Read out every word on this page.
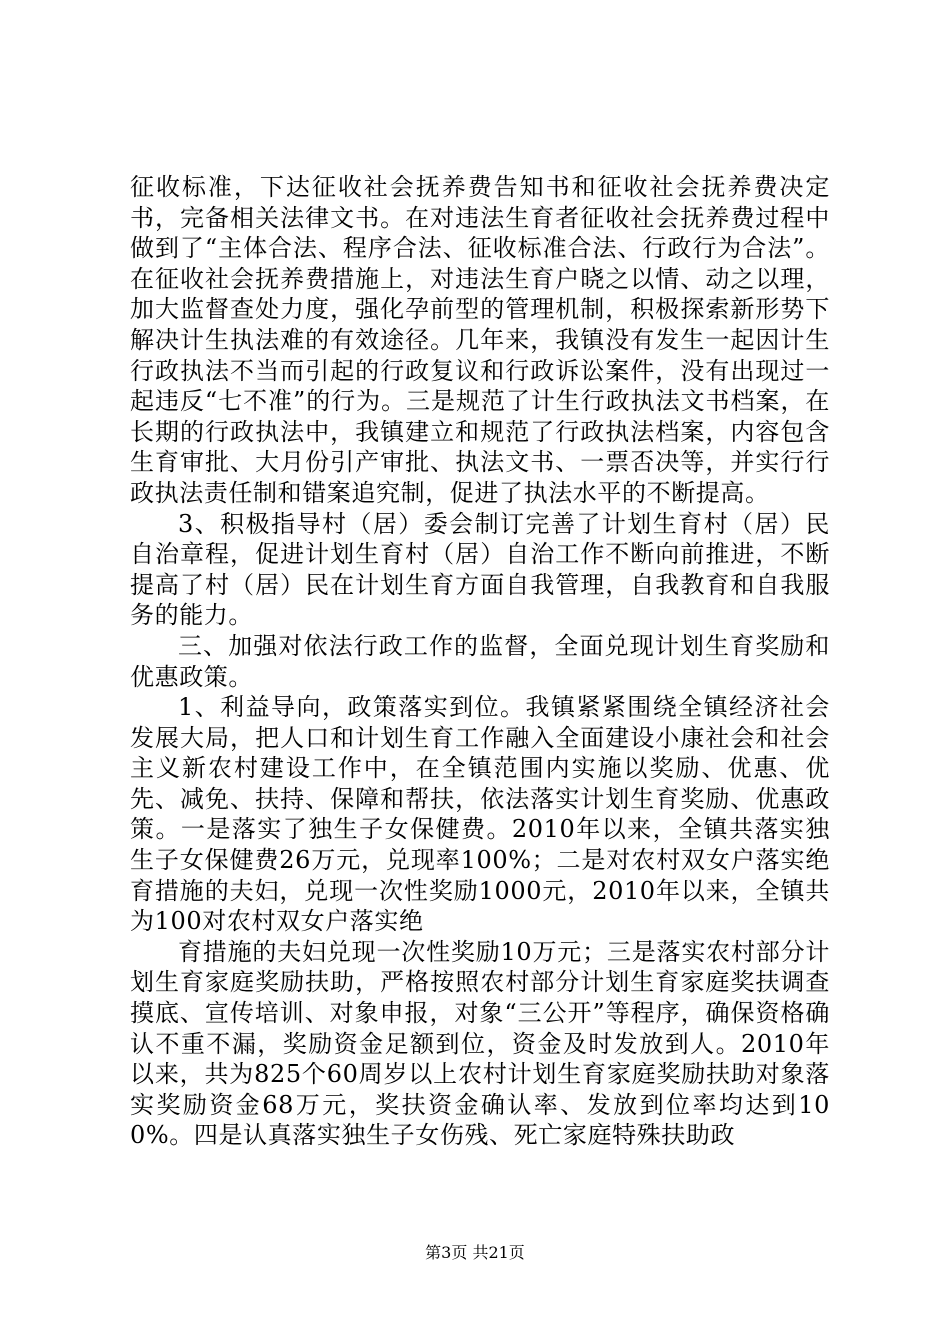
征收标准，下达征收社会抚养费告知书和征收社会抚养费决定书，完备相关法律文书。在对违法生育者征收社会抚养费过程中做到了“主体合法、程序合法、征收标准合法、行政行为合法”。在征收社会抚养费措施上，对违法生育户晓之以情、动之以理，加大监督查处力度，强化孕前型的管理机制，积极探索新形势下解决计生执法难的有效途径。几年来，我镇没有发生一起因计生行政执法不当而引起的行政复议和行政诉讼案件，没有出现过一起违反“七不准”的行为。三是规范了计生行政执法文书档案，在长期的行政执法中，我镇建立和规范了行政执法档案，内容包含生育审批、大月份引产审批、执法文书、一票否决等，并实行行政执法责任制和错案追究制，促进了执法水平的不断提高。

3、积极指导村（居）委会制订完善了计划生育村（居）民自治章程，促进计划生育村（居）自治工作不断向前推进，不断提高了村（居）民在计划生育方面自我管理，自我教育和自我服务的能力。

三、加强对依法行政工作的监督，全面兑现计划生育奖励和优惠政策。

1、利益导向，政策落实到位。我镇紧紧围绕全镇经济社会发展大局，把人口和计划生育工作融入全面建设小康社会和社会主义新农村建设工作中，在全镇范围内实施以奖励、优惠、优先、减免、扶持、保障和帮扶，依法落实计划生育奖励、优惠政策。一是落实了独生子女保健费。2010年以来，全镇共落实独生子女保健费26万元，兑现率100%；二是对农村双女户落实绝育措施的夫妇，兑现一次性奖励1000元，2010年以来，全镇共为100对农村双女户落实绝

育措施的夫妇兑现一次性奖励10万元；三是落实农村部分计划生育家庭奖励扶助，严格按照农村部分计划生育家庭奖扶调查摸底、宣传培训、对象申报，对象“三公开”等程序，确保资格确认不重不漏，奖励资金足额到位，资金及时发放到人。2010年以来，共为825个60周岁以上农村计划生育家庭奖励扶助对象落实奖励资金68万元，奖扶资金确认率、发放到位率均达到100%。四是认真落实独生子女伤残、死亡家庭特殊扶助政

第3页 共21页
